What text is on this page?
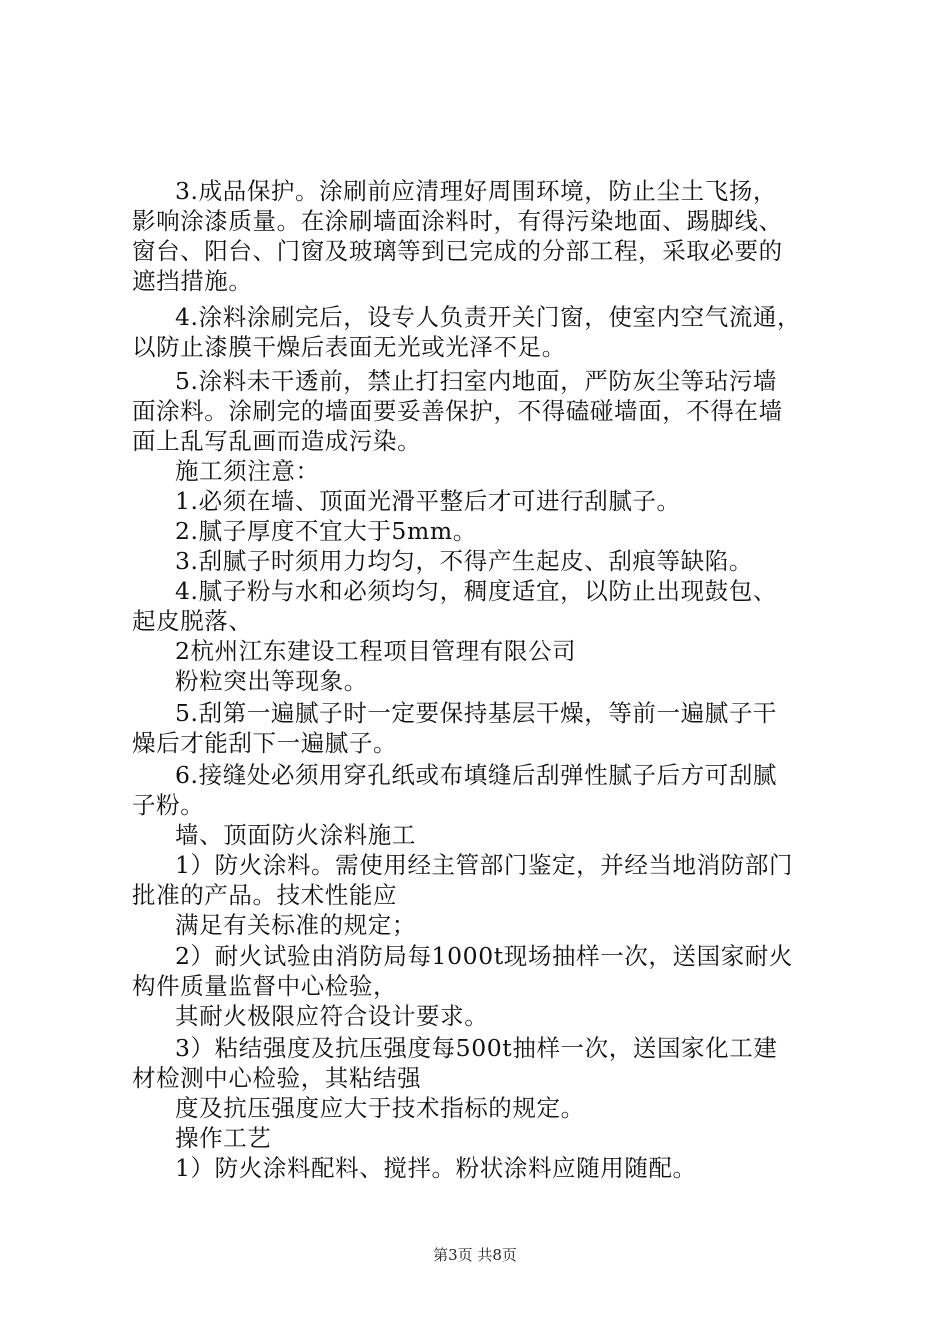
3.成品保护。涂刷前应清理好周围环境，防止尘土飞扬，
影响涂漆质量。在涂刷墙面涂料时，有得污染地面、踢脚线、
窗台、阳台、门窗及玻璃等到已完成的分部工程，采取必要的
遮挡措施。
4.涂料涂刷完后，设专人负责开关门窗，使室内空气流通，
以防止漆膜干燥后表面无光或光泽不足。
5.涂料未干透前，禁止打扫室内地面，严防灰尘等玷污墙
面涂料。涂刷完的墙面要妥善保护，不得磕碰墙面，不得在墙
面上乱写乱画而造成污染。
施工须注意：
1.必须在墙、顶面光滑平整后才可进行刮腻子。
2.腻子厚度不宜大于5mm。
3.刮腻子时须用力均匀，不得产生起皮、刮痕等缺陷。
4.腻子粉与水和必须均匀，稠度适宜，以防止出现鼓包、
起皮脱落、
2杭州江东建设工程项目管理有限公司
粉粒突出等现象。
5.刮第一遍腻子时一定要保持基层干燥，等前一遍腻子干
燥后才能刮下一遍腻子。
6.接缝处必须用穿孔纸或布填缝后刮弹性腻子后方可刮腻
子粉。
墙、顶面防火涂料施工
1）防火涂料。需使用经主管部门鉴定，并经当地消防部门
批准的产品。技术性能应
满足有关标准的规定；
2）耐火试验由消防局每1000t现场抽样一次，送国家耐火
构件质量监督中心检验，
其耐火极限应符合设计要求。
3）粘结强度及抗压强度每500t抽样一次，送国家化工建
材检测中心检验，其粘结强
度及抗压强度应大于技术指标的规定。
操作工艺
1）防火涂料配料、搅拌。粉状涂料应随用随配。
第3页 共8页
